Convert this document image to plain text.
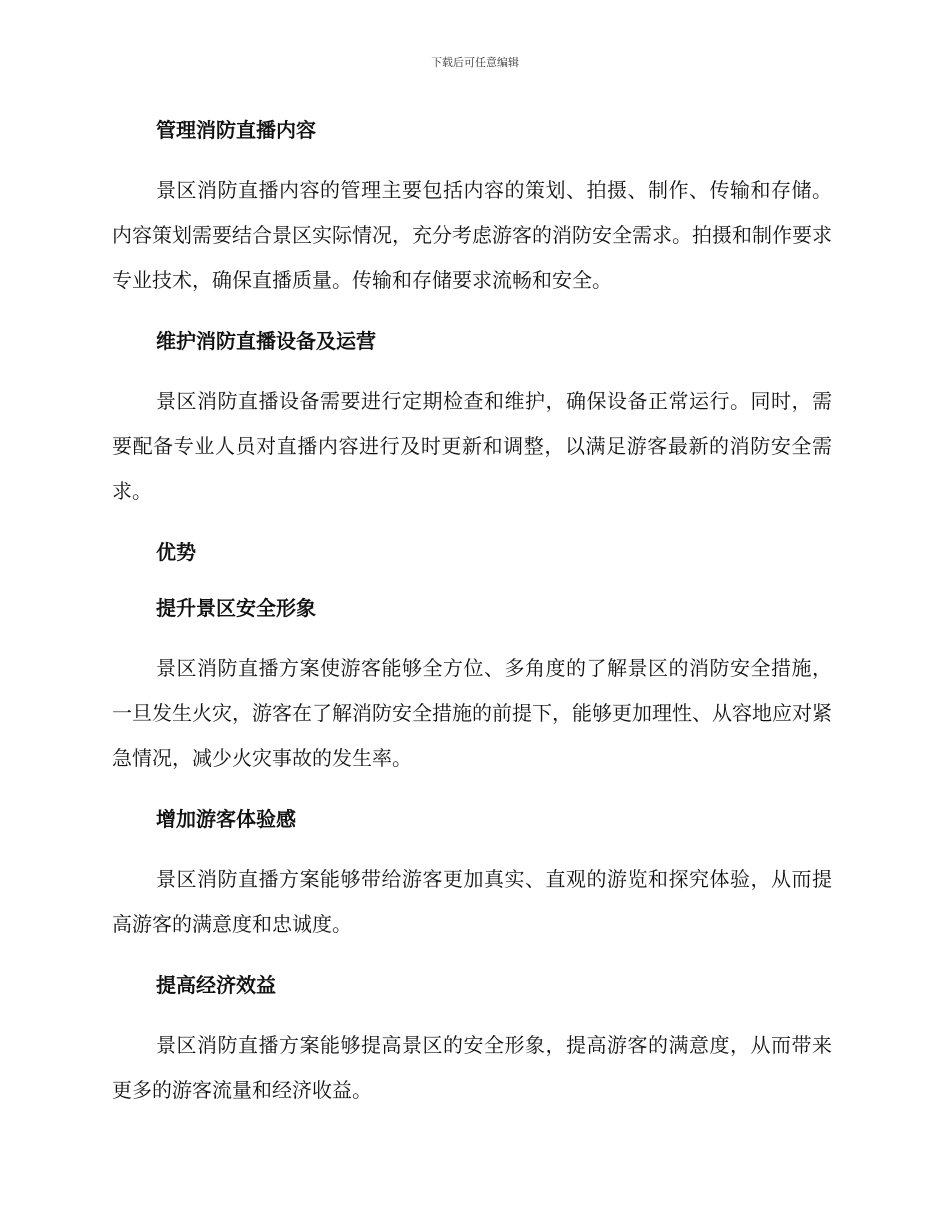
下载后可任意编辑
管理消防直播内容

景区消防直播内容的管理主要包括内容的策划、拍摄、制作、传输和存储。内容策划需要结合景区实际情况，充分考虑游客的消防安全需求。拍摄和制作要求专业技术，确保直播质量。传输和存储要求流畅和安全。

维护消防直播设备及运营

景区消防直播设备需要进行定期检查和维护，确保设备正常运行。同时，需要配备专业人员对直播内容进行及时更新和调整，以满足游客最新的消防安全需求。

优势
提升景区安全形象

景区消防直播方案使游客能够全方位、多角度的了解景区的消防安全措施，一旦发生火灾，游客在了解消防安全措施的前提下，能够更加理性、从容地应对紧急情况，减少火灾事故的发生率。

增加游客体验感

景区消防直播方案能够带给游客更加真实、直观的游览和探究体验，从而提高游客的满意度和忠诚度。

提高经济效益

景区消防直播方案能够提高景区的安全形象，提高游客的满意度，从而带来更多的游客流量和经济收益。
